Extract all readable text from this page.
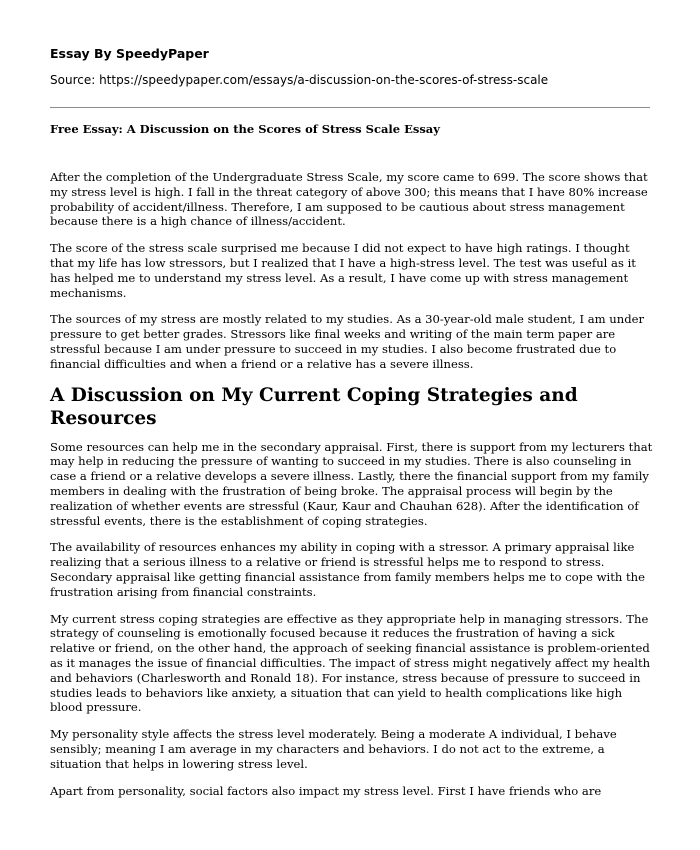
Essay By SpeedyPaper
Source: https://speedypaper.com/essays/a-discussion-on-the-scores-of-stress-scale
Free Essay: A Discussion on the Scores of Stress Scale Essay

After the completion of the Undergraduate Stress Scale, my score came to 699. The score shows that my stress level is high. I fall in the threat category of above 300; this means that I have 80% increase probability of accident/illness. Therefore, I am supposed to be cautious about stress management because there is a high chance of illness/accident.

The score of the stress scale surprised me because I did not expect to have high ratings. I thought that my life has low stressors, but I realized that I have a high-stress level. The test was useful as it has helped me to understand my stress level. As a result, I have come up with stress management mechanisms.

The sources of my stress are mostly related to my studies. As a 30-year-old male student, I am under pressure to get better grades. Stressors like final weeks and writing of the main term paper are stressful because I am under pressure to succeed in my studies. I also become frustrated due to financial difficulties and when a friend or a relative has a severe illness.

A Discussion on My Current Coping Strategies and Resources

Some resources can help me in the secondary appraisal. First, there is support from my lecturers that may help in reducing the pressure of wanting to succeed in my studies. There is also counseling in case a friend or a relative develops a severe illness. Lastly, there the financial support from my family members in dealing with the frustration of being broke. The appraisal process will begin by the realization of whether events are stressful (Kaur, Kaur and Chauhan 628). After the identification of stressful events, there is the establishment of coping strategies.

The availability of resources enhances my ability in coping with a stressor. A primary appraisal like realizing that a serious illness to a relative or friend is stressful helps me to respond to stress. Secondary appraisal like getting financial assistance from family members helps me to cope with the frustration arising from financial constraints.

My current stress coping strategies are effective as they appropriate help in managing stressors. The strategy of counseling is emotionally focused because it reduces the frustration of having a sick relative or friend, on the other hand, the approach of seeking financial assistance is problem-oriented as it manages the issue of financial difficulties. The impact of stress might negatively affect my health and behaviors (Charlesworth and Ronald 18). For instance, stress because of pressure to succeed in studies leads to behaviors like anxiety, a situation that can yield to health complications like high blood pressure.

My personality style affects the stress level moderately. Being a moderate A individual, I behave sensibly; meaning I am average in my characters and behaviors. I do not act to the extreme, a situation that helps in lowering stress level.

Apart from personality, social factors also impact my stress level. First I have friends who are
